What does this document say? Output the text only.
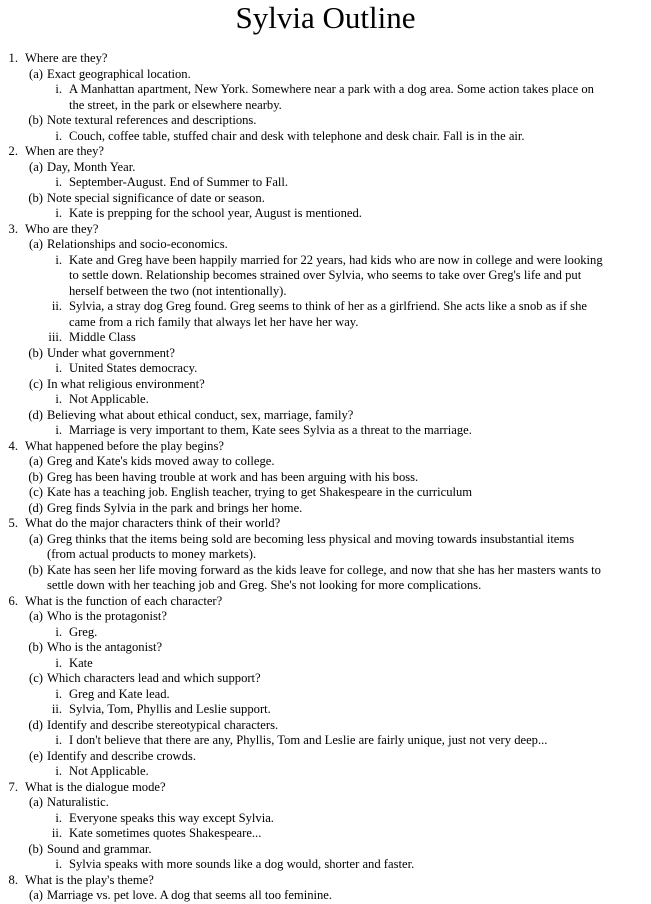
Sylvia Outline
1. Where are they?
(a) Exact geographical location.
i. A Manhattan apartment, New York. Somewhere near a park with a dog area. Some action takes place on
the street, in the park or elsewhere nearby.
(b) Note textural references and descriptions.
i. Couch, coffee table, stuffed chair and desk with telephone and desk chair. Fall is in the air.
2. When are they?
(a) Day, Month Year.
i. September-August. End of Summer to Fall.
(b) Note special significance of date or season.
i. Kate is prepping for the school year, August is mentioned.
3. Who are they?
(a) Relationships and socio-economics.
i. Kate and Greg have been happily married for 22 years, had kids who are now in college and were looking
to settle down. Relationship becomes strained over Sylvia, who seems to take over Greg's life and put
herself between the two (not intentionally).
ii. Sylvia, a stray dog Greg found. Greg seems to think of her as a girlfriend. She acts like a snob as if she
came from a rich family that always let her have her way.
iii. Middle Class
(b) Under what government?
i. United States democracy.
(c) In what religious environment?
i. Not Applicable.
(d) Believing what about ethical conduct, sex, marriage, family?
i. Marriage is very important to them, Kate sees Sylvia as a threat to the marriage.
4. What happened before the play begins?
(a) Greg and Kate's kids moved away to college.
(b) Greg has been having trouble at work and has been arguing with his boss.
(c) Kate has a teaching job. English teacher, trying to get Shakespeare in the curriculum
(d) Greg finds Sylvia in the park and brings her home.
5. What do the major characters think of their world?
(a) Greg thinks that the items being sold are becoming less physical and moving towards insubstantial items
(from actual products to money markets).
(b) Kate has seen her life moving forward as the kids leave for college, and now that she has her masters wants to
settle down with her teaching job and Greg. She's not looking for more complications.
6. What is the function of each character?
(a) Who is the protagonist?
i. Greg.
(b) Who is the antagonist?
i. Kate
(c) Which characters lead and which support?
i. Greg and Kate lead.
ii. Sylvia, Tom, Phyllis and Leslie support.
(d) Identify and describe stereotypical characters.
i. I don't believe that there are any, Phyllis, Tom and Leslie are fairly unique, just not very deep...
(e) Identify and describe crowds.
i. Not Applicable.
7. What is the dialogue mode?
(a) Naturalistic.
i. Everyone speaks this way except Sylvia.
ii. Kate sometimes quotes Shakespeare...
(b) Sound and grammar.
i. Sylvia speaks with more sounds like a dog would, shorter and faster.
8. What is the play's theme?
(a) Marriage vs. pet love. A dog that seems all too feminine.
